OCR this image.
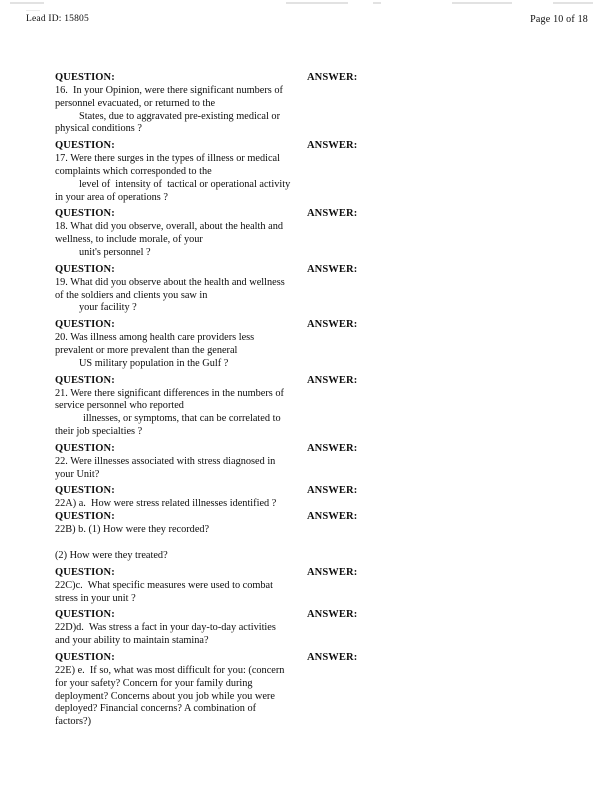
Lead ID: 15805	Page 10 of 18
QUESTION:	ANSWER:
16.  In your Opinion, were there significant numbers of
personnel evacuated, or returned to the
States, due to aggravated pre-existing medical or
physical conditions ?
QUESTION:	ANSWER:
17. Were there surges in the types of illness or medical
complaints which corresponded to the
level of  intensity of  tactical or operational activity
in your area of operations ?
QUESTION:	ANSWER:
18. What did you observe, overall, about the health and
wellness, to include morale, of your
unit's personnel ?
QUESTION:	ANSWER:
19. What did you observe about the health and wellness
of the soldiers and clients you saw in
your facility ?
QUESTION:	ANSWER:
20. Was illness among health care providers less
prevalent or more prevalent than the general
US military population in the Gulf ?
QUESTION:	ANSWER:
21. Were there significant differences in the numbers of
service personnel who reported
illnesses, or symptoms, that can be correlated to
their job specialties ?
QUESTION:	ANSWER:
22. Were illnesses associated with stress diagnosed in
your Unit?
QUESTION:	ANSWER:
22A) a.  How were stress related illnesses identified ?
QUESTION:	ANSWER:
22B) b. (1) How were they recorded?
(2) How were they treated?
QUESTION:	ANSWER:
22C)c.  What specific measures were used to combat
stress in your unit ?
QUESTION:	ANSWER:
22D)d.  Was stress a fact in your day-to-day activities
and your ability to maintain stamina?
QUESTION:	ANSWER:
22E) e.  If so, what was most difficult for you: (concern
for your safety? Concern for your family during
deployment? Concerns about you job while you were
deployed? Financial concerns? A combination of
factors?)
